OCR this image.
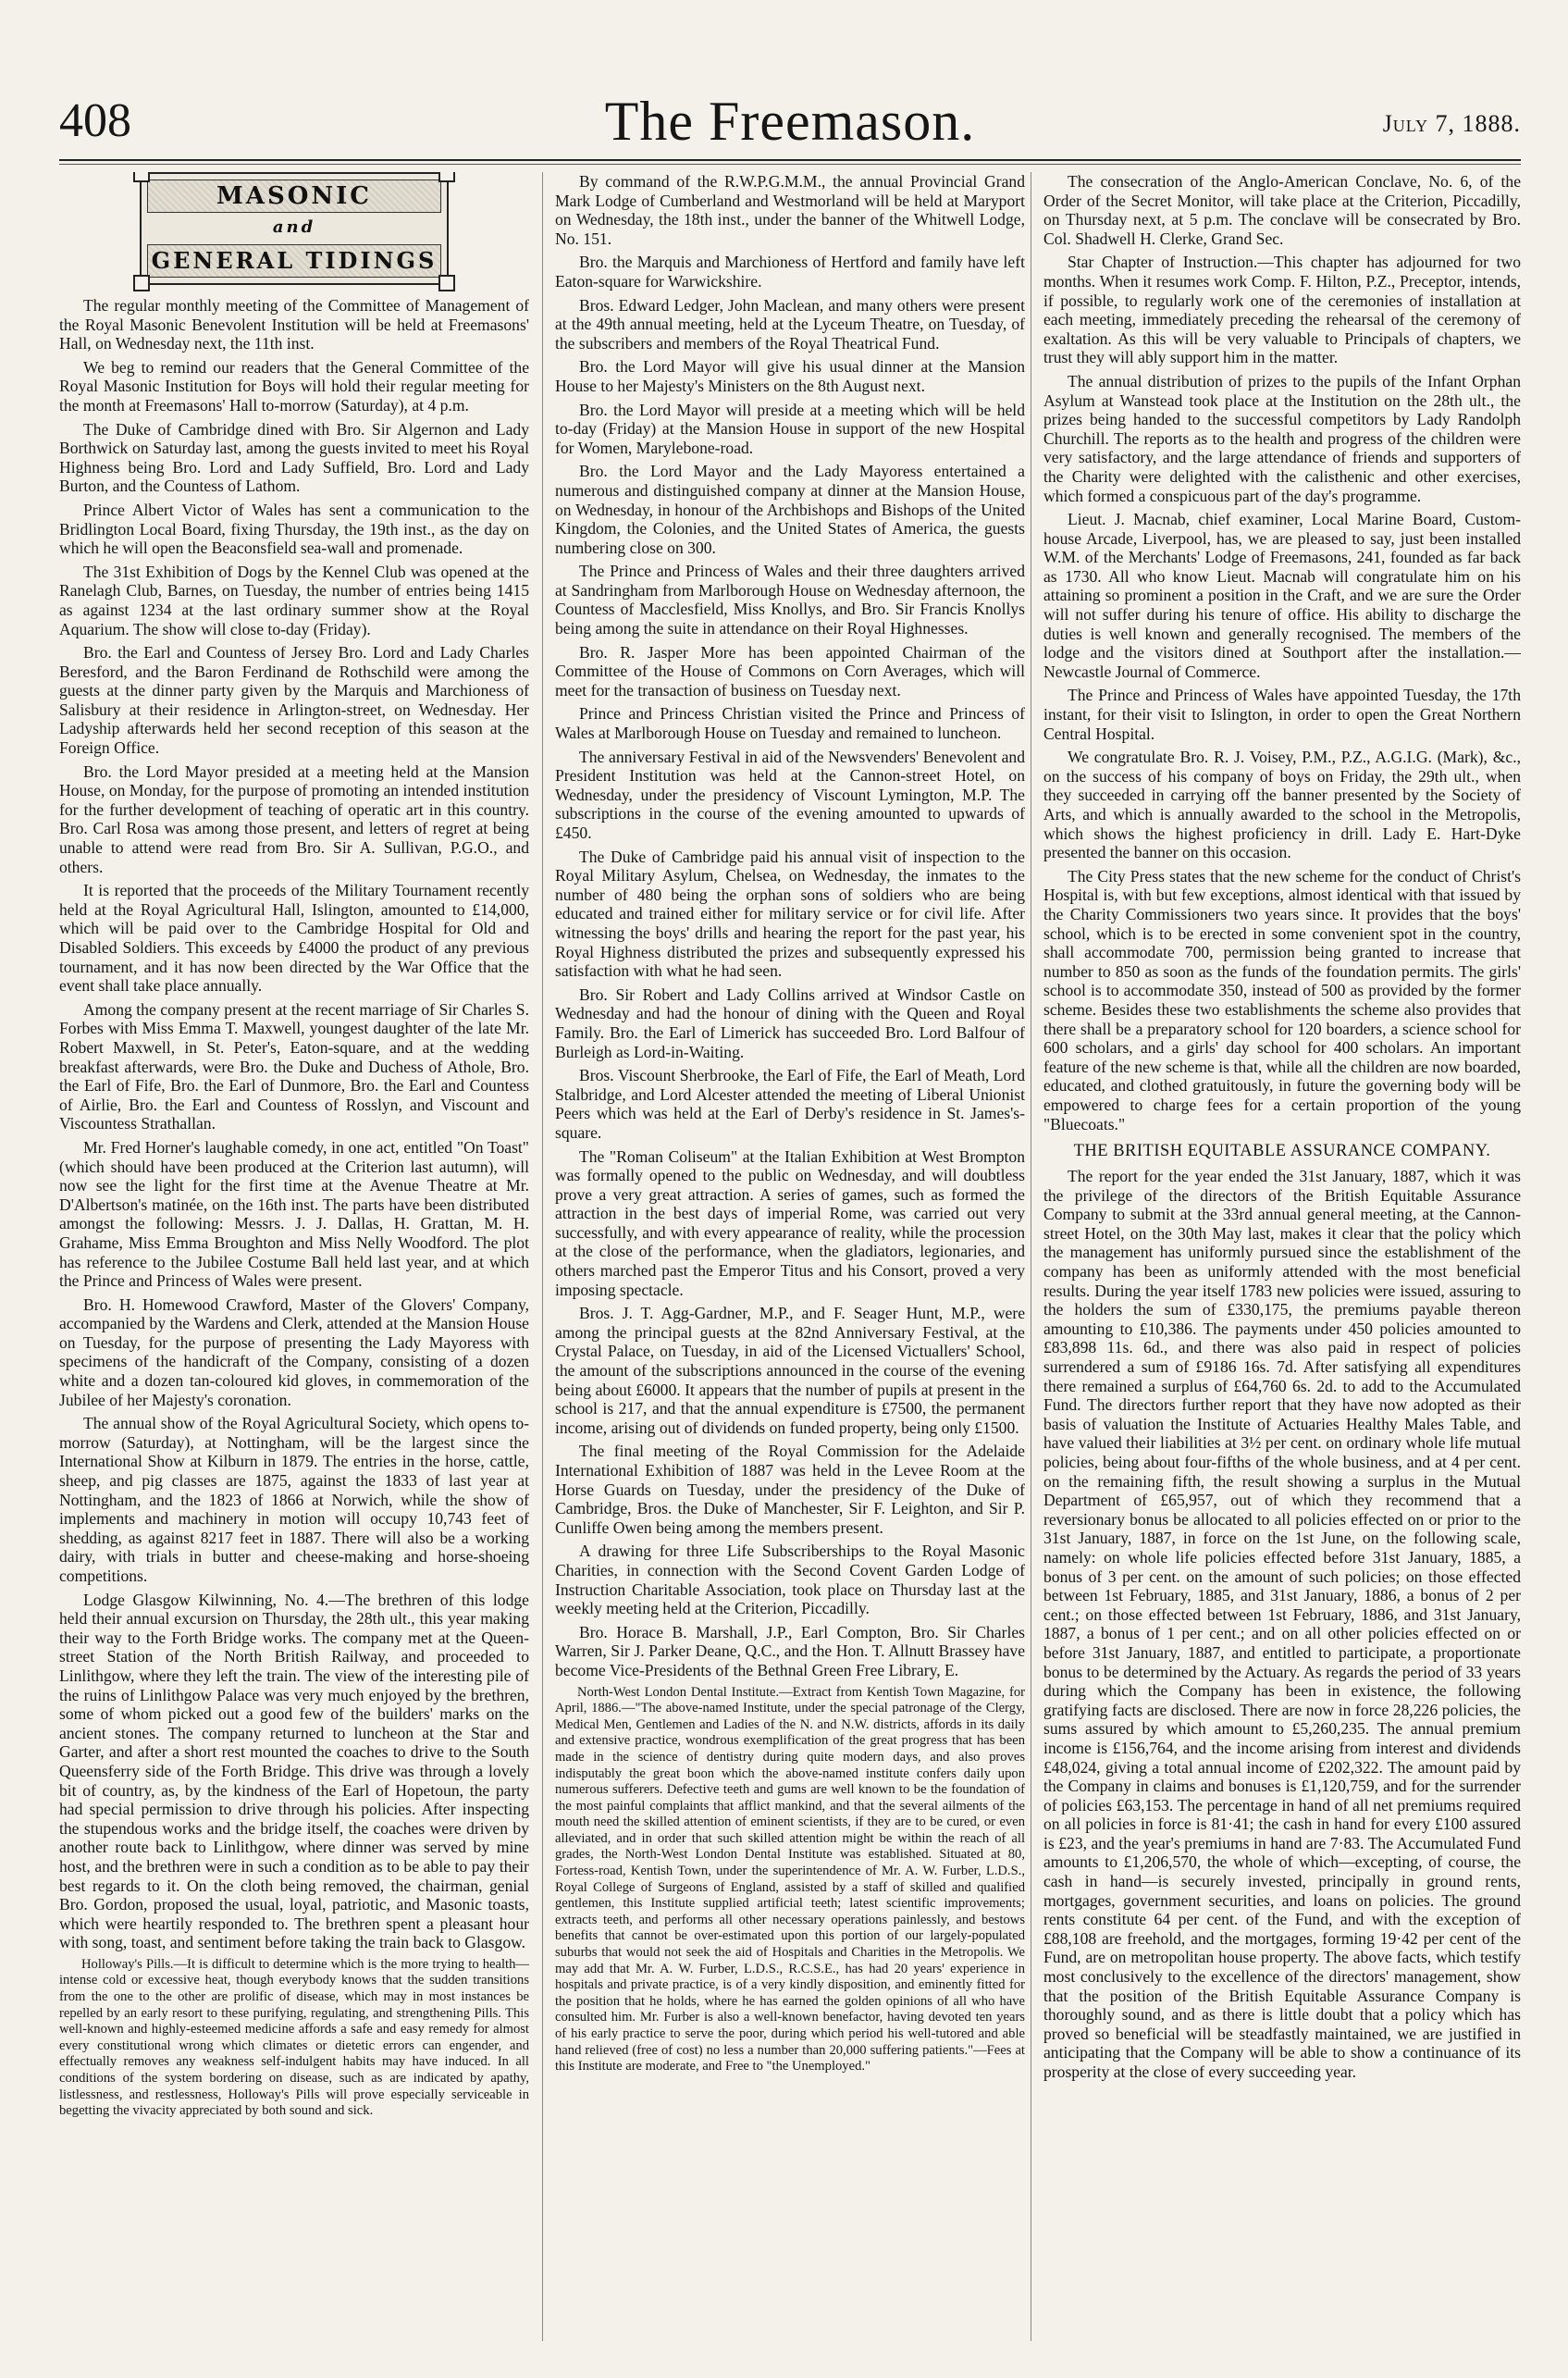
408	The Freemason.	July 7, 1888.
MASONIC
and
GENERAL TIDINGS

The regular monthly meeting of the Committee of Management of the Royal Masonic Benevolent Institution will be held at Freemasons' Hall, on Wednesday next, the 11th inst.

We beg to remind our readers that the General Committee of the Royal Masonic Institution for Boys will hold their regular meeting for the month at Freemasons' Hall to-morrow (Saturday), at 4 p.m.

The Duke of Cambridge dined with Bro. Sir Algernon and Lady Borthwick on Saturday last, among the guests invited to meet his Royal Highness being Bro. Lord and Lady Suffield, Bro. Lord and Lady Burton, and the Countess of Lathom.

Prince Albert Victor of Wales has sent a communication to the Bridlington Local Board, fixing Thursday, the 19th inst., as the day on which he will open the Beaconsfield sea-wall and promenade.

The 31st Exhibition of Dogs by the Kennel Club was opened at the Ranelagh Club, Barnes, on Tuesday, the number of entries being 1415 as against 1234 at the last ordinary summer show at the Royal Aquarium. The show will close to-day (Friday).

Bro. the Earl and Countess of Jersey Bro. Lord and Lady Charles Beresford, and the Baron Ferdinand de Rothschild were among the guests at the dinner party given by the Marquis and Marchioness of Salisbury at their residence in Arlington-street, on Wednesday. Her Ladyship afterwards held her second reception of this season at the Foreign Office.

Bro. the Lord Mayor presided at a meeting held at the Mansion House, on Monday, for the purpose of promoting an intended institution for the further development of teaching of operatic art in this country. Bro. Carl Rosa was among those present, and letters of regret at being unable to attend were read from Bro. Sir A. Sullivan, P.G.O., and others.

It is reported that the proceeds of the Military Tournament recently held at the Royal Agricultural Hall, Islington, amounted to £14,000, which will be paid over to the Cambridge Hospital for Old and Disabled Soldiers. This exceeds by £4000 the product of any previous tournament, and it has now been directed by the War Office that the event shall take place annually.

Among the company present at the recent marriage of Sir Charles S. Forbes with Miss Emma T. Maxwell, youngest daughter of the late Mr. Robert Maxwell, in St. Peter's, Eaton-square, and at the wedding breakfast afterwards, were Bro. the Duke and Duchess of Athole, Bro. the Earl of Fife, Bro. the Earl of Dunmore, Bro. the Earl and Countess of Airlie, Bro. the Earl and Countess of Rosslyn, and Viscount and Viscountess Strathallan.

Mr. Fred Horner's laughable comedy, in one act, entitled "On Toast" (which should have been produced at the Criterion last autumn), will now see the light for the first time at the Avenue Theatre at Mr. D'Albertson's matinée, on the 16th inst. The parts have been distributed amongst the following: Messrs. J. J. Dallas, H. Grattan, M. H. Grahame, Miss Emma Broughton and Miss Nelly Woodford. The plot has reference to the Jubilee Costume Ball held last year, and at which the Prince and Princess of Wales were present.

Bro. H. Homewood Crawford, Master of the Glovers' Company, accompanied by the Wardens and Clerk, attended at the Mansion House on Tuesday, for the purpose of presenting the Lady Mayoress with specimens of the handicraft of the Company, consisting of a dozen white and a dozen tan-coloured kid gloves, in commemoration of the Jubilee of her Majesty's coronation.

The annual show of the Royal Agricultural Society, which opens to-morrow (Saturday), at Nottingham, will be the largest since the International Show at Kilburn in 1879. The entries in the horse, cattle, sheep, and pig classes are 1875, against the 1833 of last year at Nottingham, and the 1823 of 1866 at Norwich, while the show of implements and machinery in motion will occupy 10,743 feet of shedding, as against 8217 feet in 1887. There will also be a working dairy, with trials in butter and cheese-making and horse-shoeing competitions.

Lodge Glasgow Kilwinning, No. 4.—The brethren of this lodge held their annual excursion on Thursday, the 28th ult., this year making their way to the Forth Bridge works. The company met at the Queen-street Station of the North British Railway, and proceeded to Linlithgow, where they left the train. The view of the interesting pile of the ruins of Linlithgow Palace was very much enjoyed by the brethren, some of whom picked out a good few of the builders' marks on the ancient stones. The company returned to luncheon at the Star and Garter, and after a short rest mounted the coaches to drive to the South Queensferry side of the Forth Bridge. This drive was through a lovely bit of country, as, by the kindness of the Earl of Hopetoun, the party had special permission to drive through his policies. After inspecting the stupendous works and the bridge itself, the coaches were driven by another route back to Linlithgow, where dinner was served by mine host, and the brethren were in such a condition as to be able to pay their best regards to it. On the cloth being removed, the chairman, genial Bro. Gordon, proposed the usual, loyal, patriotic, and Masonic toasts, which were heartily responded to. The brethren spent a pleasant hour with song, toast, and sentiment before taking the train back to Glasgow.

Holloway's Pills.—It is difficult to determine which is the more trying to health—intense cold or excessive heat, though everybody knows that the sudden transitions from the one to the other are prolific of disease, which may in most instances be repelled by an early resort to these purifying, regulating, and strengthening Pills. This well-known and highly-esteemed medicine affords a safe and easy remedy for almost every constitutional wrong which climates or dietetic errors can engender, and effectually removes any weakness self-indulgent habits may have induced. In all conditions of the system bordering on disease, such as are indicated by apathy, listlessness, and restlessness, Holloway's Pills will prove especially serviceable in begetting the vivacity appreciated by both sound and sick.

By command of the R.W.P.G.M.M., the annual Provincial Grand Mark Lodge of Cumberland and Westmorland will be held at Maryport on Wednesday, the 18th inst., under the banner of the Whitwell Lodge, No. 151.

Bro. the Marquis and Marchioness of Hertford and family have left Eaton-square for Warwickshire.

Bros. Edward Ledger, John Maclean, and many others were present at the 49th annual meeting, held at the Lyceum Theatre, on Tuesday, of the subscribers and members of the Royal Theatrical Fund.

Bro. the Lord Mayor will give his usual dinner at the Mansion House to her Majesty's Ministers on the 8th August next.

Bro. the Lord Mayor will preside at a meeting which will be held to-day (Friday) at the Mansion House in support of the new Hospital for Women, Marylebone-road.

Bro. the Lord Mayor and the Lady Mayoress entertained a numerous and distinguished company at dinner at the Mansion House, on Wednesday, in honour of the Archbishops and Bishops of the United Kingdom, the Colonies, and the United States of America, the guests numbering close on 300.

The Prince and Princess of Wales and their three daughters arrived at Sandringham from Marlborough House on Wednesday afternoon, the Countess of Macclesfield, Miss Knollys, and Bro. Sir Francis Knollys being among the suite in attendance on their Royal Highnesses.

Bro. R. Jasper More has been appointed Chairman of the Committee of the House of Commons on Corn Averages, which will meet for the transaction of business on Tuesday next.

Prince and Princess Christian visited the Prince and Princess of Wales at Marlborough House on Tuesday and remained to luncheon.

The anniversary Festival in aid of the Newsvenders' Benevolent and President Institution was held at the Cannon-street Hotel, on Wednesday, under the presidency of Viscount Lymington, M.P. The subscriptions in the course of the evening amounted to upwards of £450.

The Duke of Cambridge paid his annual visit of inspection to the Royal Military Asylum, Chelsea, on Wednesday, the inmates to the number of 480 being the orphan sons of soldiers who are being educated and trained either for military service or for civil life. After witnessing the boys' drills and hearing the report for the past year, his Royal Highness distributed the prizes and subsequently expressed his satisfaction with what he had seen.

Bro. Sir Robert and Lady Collins arrived at Windsor Castle on Wednesday and had the honour of dining with the Queen and Royal Family. Bro. the Earl of Limerick has succeeded Bro. Lord Balfour of Burleigh as Lord-in-Waiting.

Bros. Viscount Sherbrooke, the Earl of Fife, the Earl of Meath, Lord Stalbridge, and Lord Alcester attended the meeting of Liberal Unionist Peers which was held at the Earl of Derby's residence in St. James's-square.

The "Roman Coliseum" at the Italian Exhibition at West Brompton was formally opened to the public on Wednesday, and will doubtless prove a very great attraction. A series of games, such as formed the attraction in the best days of imperial Rome, was carried out very successfully, and with every appearance of reality, while the procession at the close of the performance, when the gladiators, legionaries, and others marched past the Emperor Titus and his Consort, proved a very imposing spectacle.

Bros. J. T. Agg-Gardner, M.P., and F. Seager Hunt, M.P., were among the principal guests at the 82nd Anniversary Festival, at the Crystal Palace, on Tuesday, in aid of the Licensed Victuallers' School, the amount of the subscriptions announced in the course of the evening being about £6000. It appears that the number of pupils at present in the school is 217, and that the annual expenditure is £7500, the permanent income, arising out of dividends on funded property, being only £1500.

The final meeting of the Royal Commission for the Adelaide International Exhibition of 1887 was held in the Levee Room at the Horse Guards on Tuesday, under the presidency of the Duke of Cambridge, Bros. the Duke of Manchester, Sir F. Leighton, and Sir P. Cunliffe Owen being among the members present.

A drawing for three Life Subscriberships to the Royal Masonic Charities, in connection with the Second Covent Garden Lodge of Instruction Charitable Association, took place on Thursday last at the weekly meeting held at the Criterion, Piccadilly.

Bro. Horace B. Marshall, J.P., Earl Compton, Bro. Sir Charles Warren, Sir J. Parker Deane, Q.C., and the Hon. T. Allnutt Brassey have become Vice-Presidents of the Bethnal Green Free Library, E.

North-West London Dental Institute.—Extract from Kentish Town Magazine, for April, 1886.—"The above-named Institute, under the special patronage of the Clergy, Medical Men, Gentlemen and Ladies of the N. and N.W. districts, affords in its daily and extensive practice, wondrous exemplification of the great progress that has been made in the science of dentistry during quite modern days, and also proves indisputably the great boon which the above-named institute confers daily upon numerous sufferers. Defective teeth and gums are well known to be the foundation of the most painful complaints that afflict mankind, and that the several ailments of the mouth need the skilled attention of eminent scientists, if they are to be cured, or even alleviated, and in order that such skilled attention might be within the reach of all grades, the North-West London Dental Institute was established. Situated at 80, Fortess-road, Kentish Town, under the superintendence of Mr. A. W. Furber, L.D.S., Royal College of Surgeons of England, assisted by a staff of skilled and qualified gentlemen, this Institute supplied artificial teeth; latest scientific improvements; extracts teeth, and performs all other necessary operations painlessly, and bestows benefits that cannot be over-estimated upon this portion of our largely-populated suburbs that would not seek the aid of Hospitals and Charities in the Metropolis. We may add that Mr. A. W. Furber, L.D.S., R.C.S.E., has had 20 years' experience in hospitals and private practice, is of a very kindly disposition, and eminently fitted for the position that he holds, where he has earned the golden opinions of all who have consulted him. Mr. Furber is also a well-known benefactor, having devoted ten years of his early practice to serve the poor, during which period his well-tutored and able hand relieved (free of cost) no less a number than 20,000 suffering patients."—Fees at this Institute are moderate, and Free to "the Unemployed."

The consecration of the Anglo-American Conclave, No. 6, of the Order of the Secret Monitor, will take place at the Criterion, Piccadilly, on Thursday next, at 5 p.m. The conclave will be consecrated by Bro. Col. Shadwell H. Clerke, Grand Sec.

Star Chapter of Instruction.—This chapter has adjourned for two months. When it resumes work Comp. F. Hilton, P.Z., Preceptor, intends, if possible, to regularly work one of the ceremonies of installation at each meeting, immediately preceding the rehearsal of the ceremony of exaltation. As this will be very valuable to Principals of chapters, we trust they will ably support him in the matter.

The annual distribution of prizes to the pupils of the Infant Orphan Asylum at Wanstead took place at the Institution on the 28th ult., the prizes being handed to the successful competitors by Lady Randolph Churchill. The reports as to the health and progress of the children were very satisfactory, and the large attendance of friends and supporters of the Charity were delighted with the calisthenic and other exercises, which formed a conspicuous part of the day's programme.

Lieut. J. Macnab, chief examiner, Local Marine Board, Custom-house Arcade, Liverpool, has, we are pleased to say, just been installed W.M. of the Merchants' Lodge of Freemasons, 241, founded as far back as 1730. All who know Lieut. Macnab will congratulate him on his attaining so prominent a position in the Craft, and we are sure the Order will not suffer during his tenure of office. His ability to discharge the duties is well known and generally recognised. The members of the lodge and the visitors dined at Southport after the installation.—Newcastle Journal of Commerce.

The Prince and Princess of Wales have appointed Tuesday, the 17th instant, for their visit to Islington, in order to open the Great Northern Central Hospital.

We congratulate Bro. R. J. Voisey, P.M., P.Z., A.G.I.G. (Mark), &c., on the success of his company of boys on Friday, the 29th ult., when they succeeded in carrying off the banner presented by the Society of Arts, and which is annually awarded to the school in the Metropolis, which shows the highest proficiency in drill. Lady E. Hart-Dyke presented the banner on this occasion.

The City Press states that the new scheme for the conduct of Christ's Hospital is, with but few exceptions, almost identical with that issued by the Charity Commissioners two years since. It provides that the boys' school, which is to be erected in some convenient spot in the country, shall accommodate 700, permission being granted to increase that number to 850 as soon as the funds of the foundation permits. The girls' school is to accommodate 350, instead of 500 as provided by the former scheme. Besides these two establishments the scheme also provides that there shall be a preparatory school for 120 boarders, a science school for 600 scholars, and a girls' day school for 400 scholars. An important feature of the new scheme is that, while all the children are now boarded, educated, and clothed gratuitously, in future the governing body will be empowered to charge fees for a certain proportion of the young "Bluecoats."

THE BRITISH EQUITABLE ASSURANCE COMPANY.

The report for the year ended the 31st January, 1887, which it was the privilege of the directors of the British Equitable Assurance Company to submit at the 33rd annual general meeting, at the Cannon-street Hotel, on the 30th May last, makes it clear that the policy which the management has uniformly pursued since the establishment of the company has been as uniformly attended with the most beneficial results. During the year itself 1783 new policies were issued, assuring to the holders the sum of £330,175, the premiums payable thereon amounting to £10,386. The payments under 450 policies amounted to £83,898 11s. 6d., and there was also paid in respect of policies surrendered a sum of £9186 16s. 7d. After satisfying all expenditures there remained a surplus of £64,760 6s. 2d. to add to the Accumulated Fund. The directors further report that they have now adopted as their basis of valuation the Institute of Actuaries Healthy Males Table, and have valued their liabilities at 3½ per cent. on ordinary whole life mutual policies, being about four-fifths of the whole business, and at 4 per cent. on the remaining fifth, the result showing a surplus in the Mutual Department of £65,957, out of which they recommend that a reversionary bonus be allocated to all policies effected on or prior to the 31st January, 1887, in force on the 1st June, on the following scale, namely: on whole life policies effected before 31st January, 1885, a bonus of 3 per cent. on the amount of such policies; on those effected between 1st February, 1885, and 31st January, 1886, a bonus of 2 per cent.; on those effected between 1st February, 1886, and 31st January, 1887, a bonus of 1 per cent.; and on all other policies effected on or before 31st January, 1887, and entitled to participate, a proportionate bonus to be determined by the Actuary. As regards the period of 33 years during which the Company has been in existence, the following gratifying facts are disclosed. There are now in force 28,226 policies, the sums assured by which amount to £5,260,235. The annual premium income is £156,764, and the income arising from interest and dividends £48,024, giving a total annual income of £202,322. The amount paid by the Company in claims and bonuses is £1,120,759, and for the surrender of policies £63,153. The percentage in hand of all net premiums required on all policies in force is 81·41; the cash in hand for every £100 assured is £23, and the year's premiums in hand are 7·83. The Accumulated Fund amounts to £1,206,570, the whole of which—excepting, of course, the cash in hand—is securely invested, principally in ground rents, mortgages, government securities, and loans on policies. The ground rents constitute 64 per cent. of the Fund, and with the exception of £88,108 are freehold, and the mortgages, forming 19·42 per cent of the Fund, are on metropolitan house property. The above facts, which testify most conclusively to the excellence of the directors' management, show that the position of the British Equitable Assurance Company is thoroughly sound, and as there is little doubt that a policy which has proved so beneficial will be steadfastly maintained, we are justified in anticipating that the Company will be able to show a continuance of its prosperity at the close of every succeeding year.
